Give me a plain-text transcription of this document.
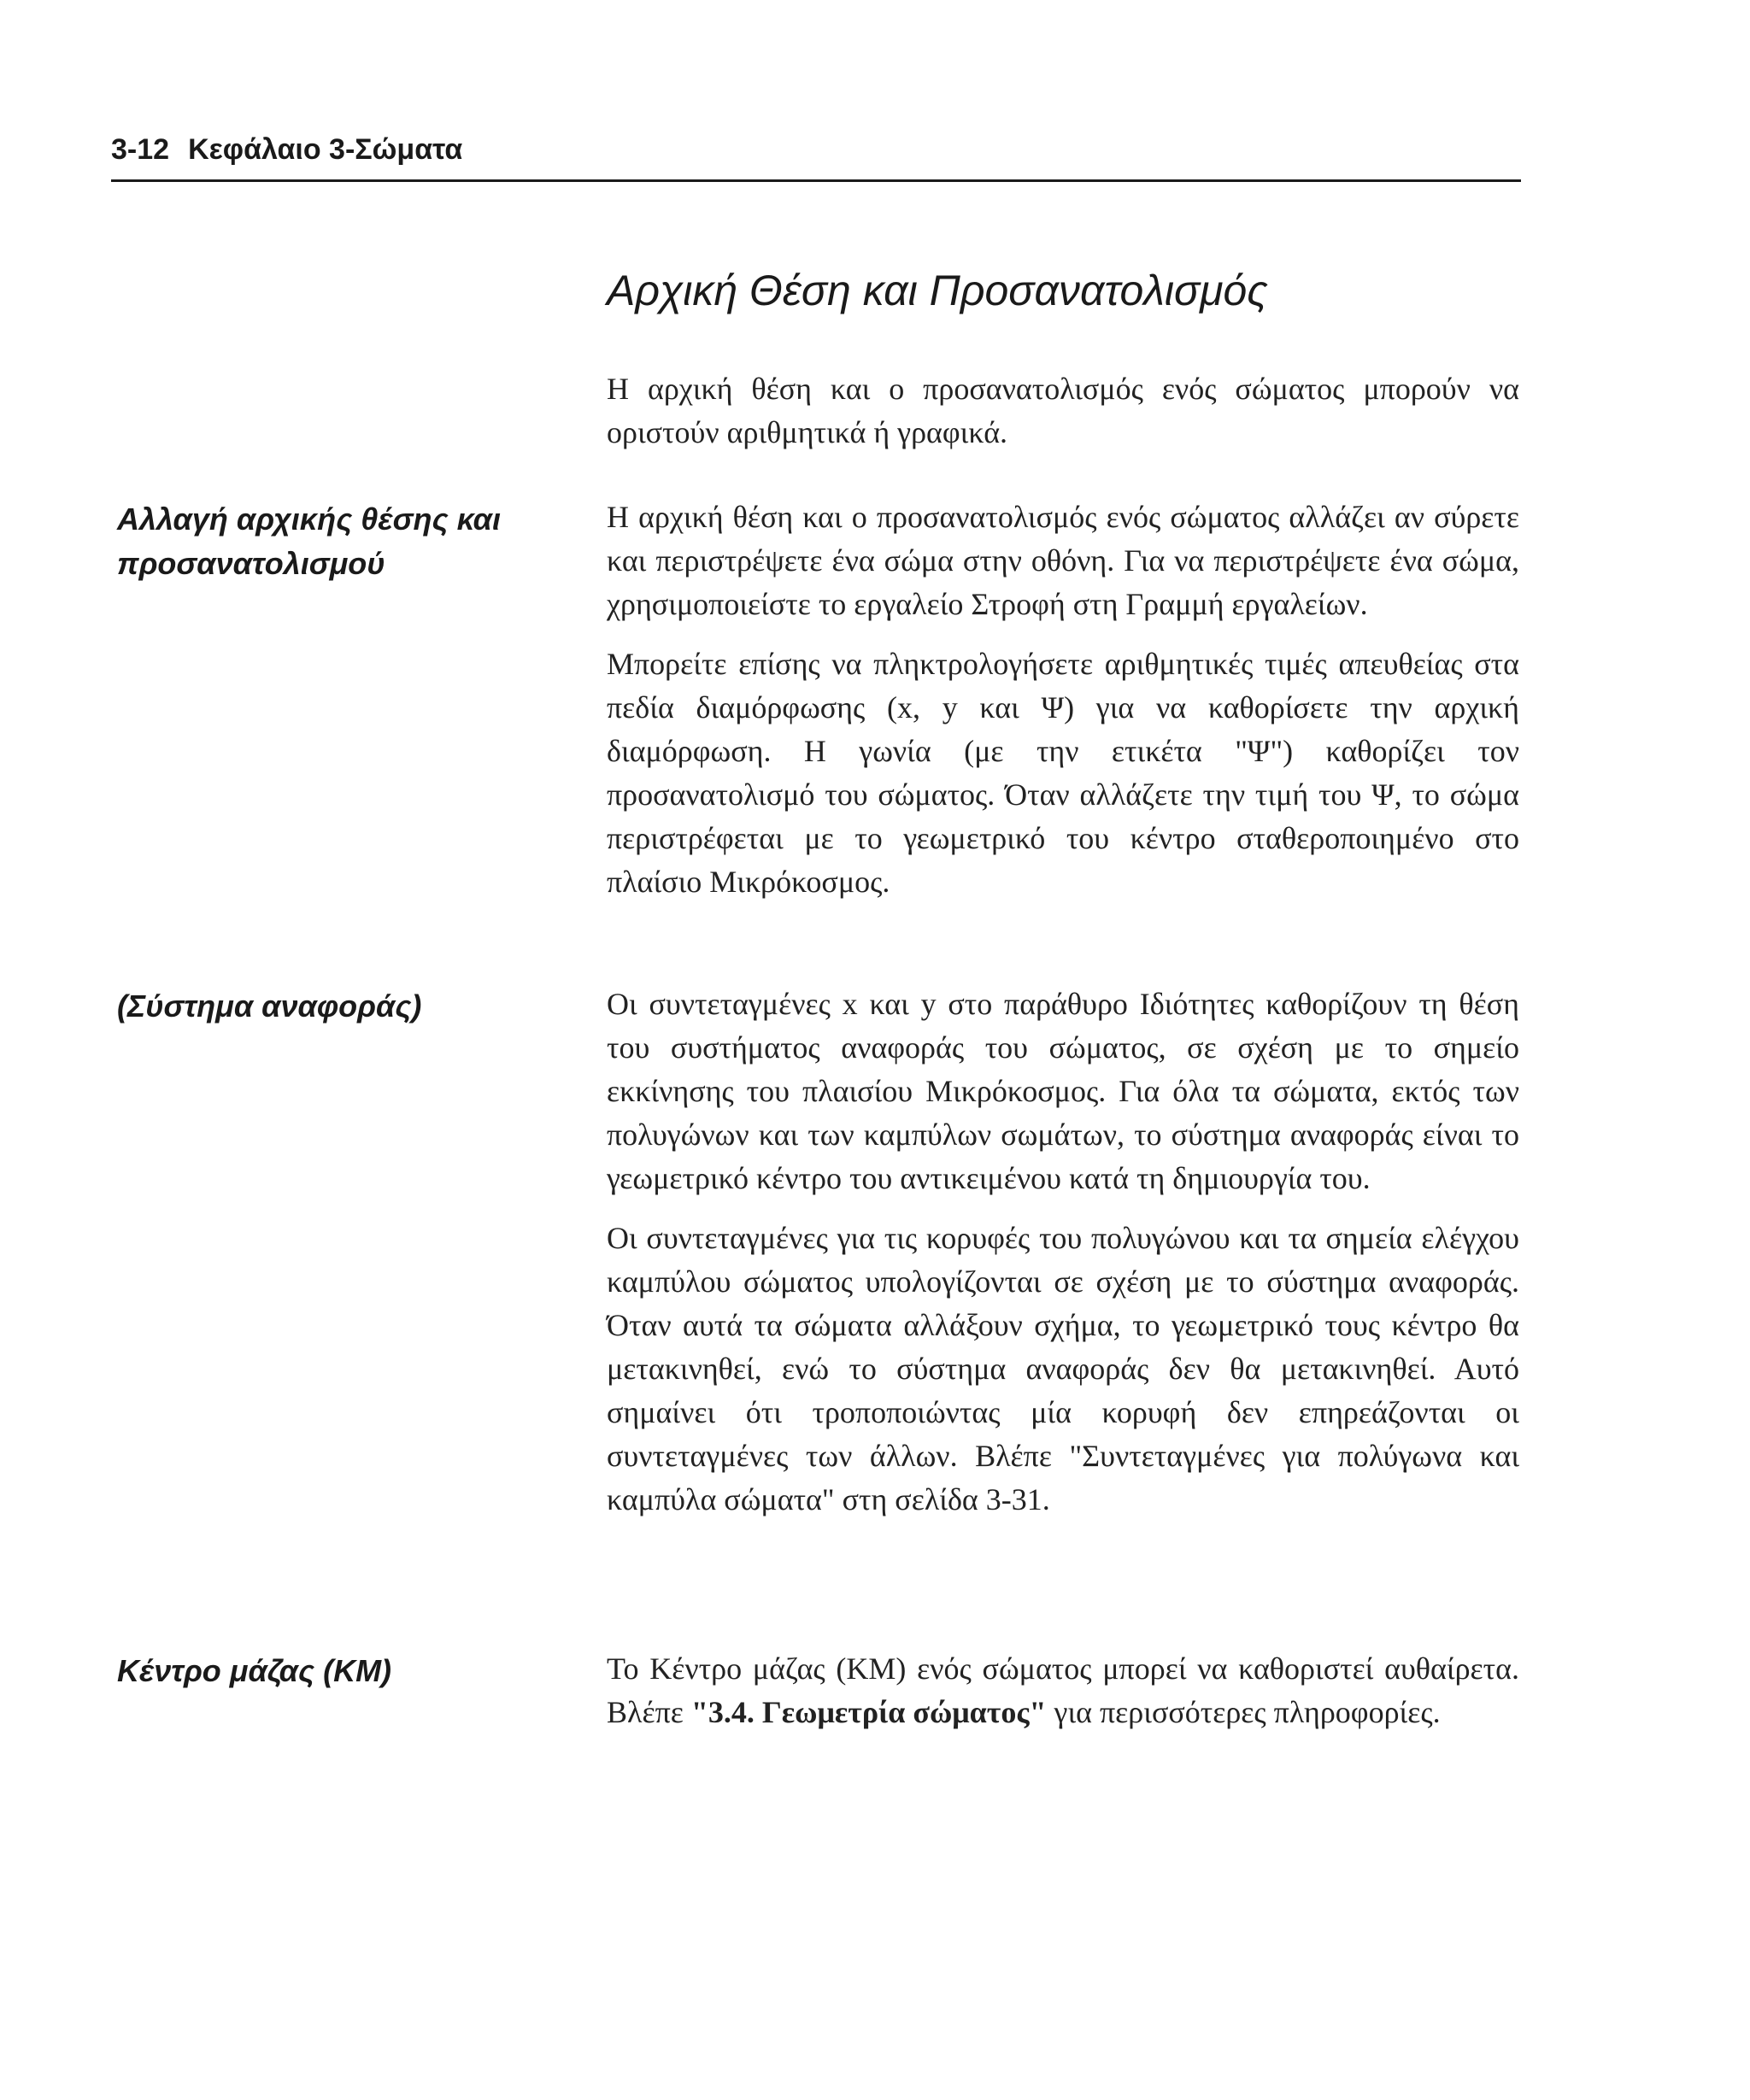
3-12 Κεφάλαιο 3-Σώματα
Αρχική Θέση και Προσανατολισμός

Η αρχική θέση και ο προσανατολισμός ενός σώματος μπορούν να οριστούν αριθμητικά ή γραφικά.

Αλλαγή αρχικής θέσης και προσανατολισμού

Η αρχική θέση και ο προσανατολισμός ενός σώματος αλλάζει αν σύρετε και περιστρέψετε ένα σώμα στην οθόνη. Για να περιστρέψετε ένα σώμα, χρησιμοποιείστε το εργαλείο Στροφή στη Γραμμή εργαλείων.

Μπορείτε επίσης να πληκτρολογήσετε αριθμητικές τιμές απευθείας στα πεδία διαμόρφωσης (x, y και Ψ) για να καθορίσετε την αρχική διαμόρφωση. Η γωνία (με την ετικέτα "Ψ") καθορίζει τον προσανατολισμό του σώματος. Όταν αλλάζετε την τιμή του Ψ, το σώμα περιστρέφεται με το γεωμετρικό του κέντρο σταθεροποιημένο στο πλαίσιο Μικρόκοσμος.

(Σύστημα αναφοράς)	Οι συντεταγμένες x και y στο παράθυρο Ιδιότητες καθορίζουν τη θέση του συστήματος αναφοράς του σώματος, σε σχέση με το σημείο εκκίνησης του πλαισίου Μικρόκοσμος. Για όλα τα σώματα, εκτός των πολυγώνων και των καμπύλων σωμάτων, το σύστημα αναφοράς είναι το γεωμετρικό κέντρο του αντικειμένου κατά τη δημιουργία του.

Οι συντεταγμένες για τις κορυφές του πολυγώνου και τα σημεία ελέγχου καμπύλου σώματος υπολογίζονται σε σχέση με το σύστημα αναφοράς. Όταν αυτά τα σώματα αλλάξουν σχήμα, το γεωμετρικό τους κέντρο θα μετακινηθεί, ενώ το σύστημα αναφοράς δεν θα μετακινηθεί. Αυτό σημαίνει ότι τροποποιώντας μία κορυφή δεν επηρεάζονται οι συντεταγμένες των άλλων. Βλέπε "Συντεταγμένες για πολύγωνα και καμπύλα σώματα" στη σελίδα 3-31.

Κέντρο μάζας (ΚΜ)	Το Κέντρο μάζας (ΚΜ) ενός σώματος μπορεί να καθοριστεί αυθαίρετα. Βλέπε "3.4. Γεωμετρία σώματος" για περισσότερες πληροφορίες.
